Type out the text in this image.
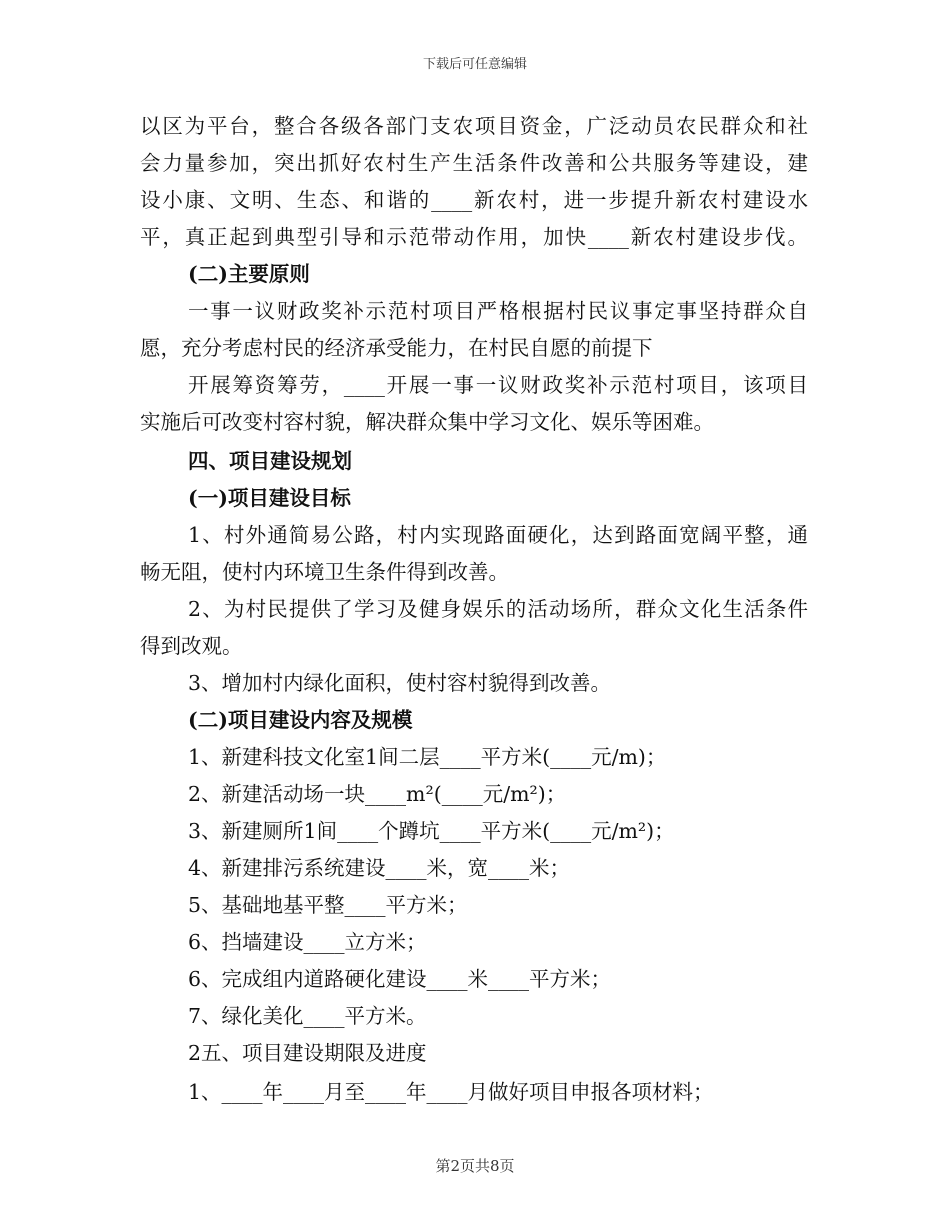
下载后可任意编辑
以区为平台，整合各级各部门支农项目资金，广泛动员农民群众和社
会力量参加，突出抓好农村生产生活条件改善和公共服务等建设，建
设小康、文明、生态、和谐的____新农村，进一步提升新农村建设水
平，真正起到典型引导和示范带动作用，加快____新农村建设步伐。
(二)主要原则
一事一议财政奖补示范村项目严格根据村民议事定事坚持群众自
愿，充分考虑村民的经济承受能力，在村民自愿的前提下
开展筹资筹劳，____开展一事一议财政奖补示范村项目，该项目
实施后可改变村容村貌，解决群众集中学习文化、娱乐等困难。
四、项目建设规划
(一)项目建设目标
1、村外通简易公路，村内实现路面硬化，达到路面宽阔平整，通
畅无阻，使村内环境卫生条件得到改善。
2、为村民提供了学习及健身娱乐的活动场所，群众文化生活条件
得到改观。
3、增加村内绿化面积，使村容村貌得到改善。
(二)项目建设内容及规模
1、新建科技文化室1间二层____平方米(____元/m)；
2、新建活动场一块____m²(____元/m²)；
3、新建厕所1间____个蹲坑____平方米(____元/m²)；
4、新建排污系统建设____米，宽____米；
5、基础地基平整____平方米；
6、挡墙建设____立方米；
6、完成组内道路硬化建设____米____平方米；
7、绿化美化____平方米。
2五、项目建设期限及进度
1、____年____月至____年____月做好项目申报各项材料；
第2页共8页
